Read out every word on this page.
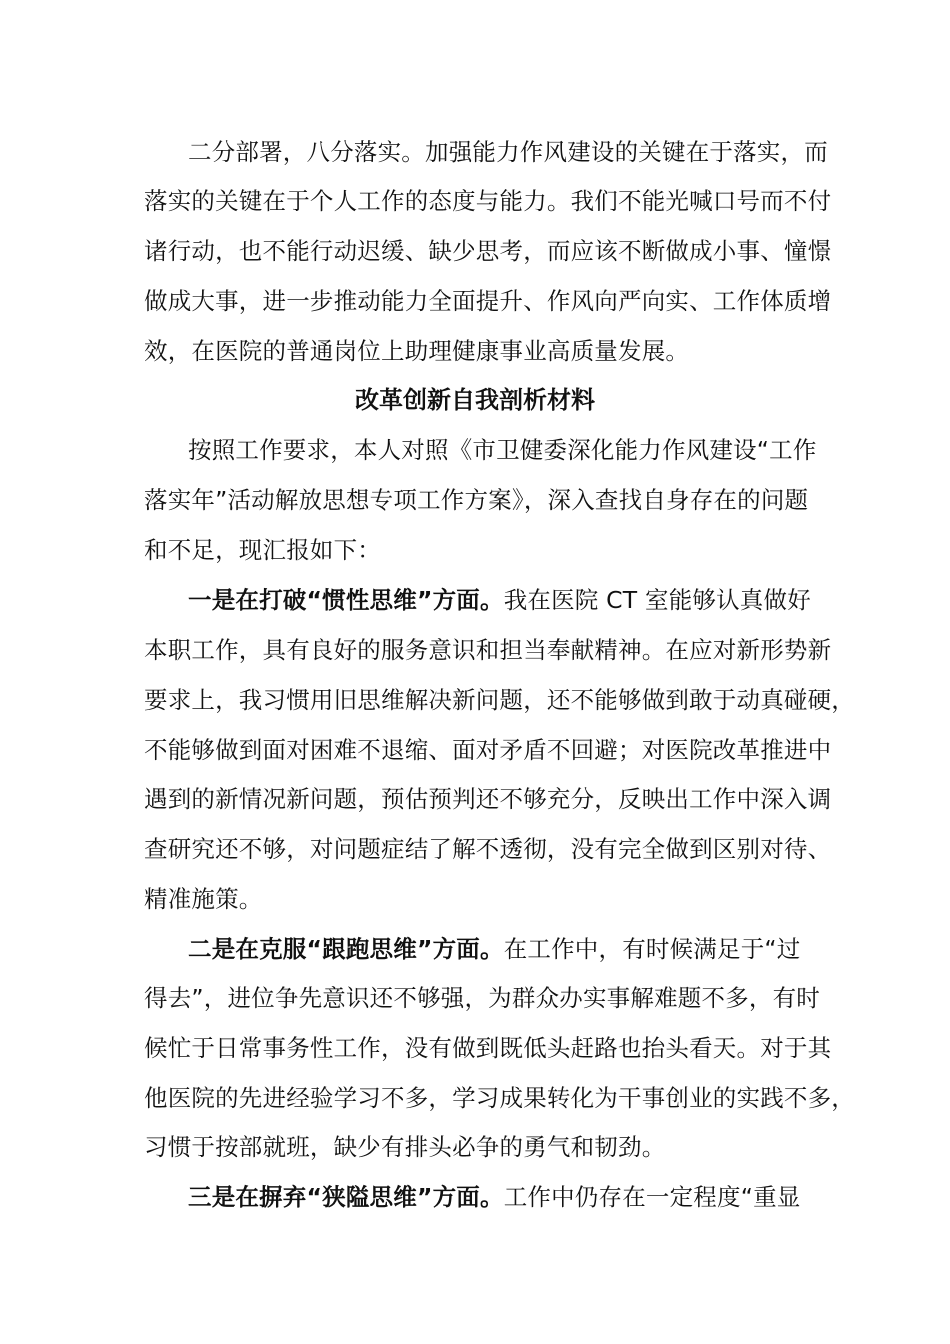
二分部署，八分落实。加强能力作风建设的关键在于落实，而
落实的关键在于个人工作的态度与能力。我们不能光喊口号而不付
诸行动，也不能行动迟缓、缺少思考，而应该不断做成小事、憧憬
做成大事，进一步推动能力全面提升、作风向严向实、工作体质增
效，在医院的普通岗位上助理健康事业高质量发展。
改革创新自我剖析材料
按照工作要求，本人对照《市卫健委深化能力作风建设“工作
落实年”活动解放思想专项工作方案》，深入查找自身存在的问题
和不足，现汇报如下：
一是在打破“惯性思维”方面。我在医院 CT 室能够认真做好
本职工作，具有良好的服务意识和担当奉献精神。在应对新形势新
要求上，我习惯用旧思维解决新问题，还不能够做到敢于动真碰硬，
不能够做到面对困难不退缩、面对矛盾不回避；对医院改革推进中
遇到的新情况新问题，预估预判还不够充分，反映出工作中深入调
查研究还不够，对问题症结了解不透彻，没有完全做到区别对待、
精准施策。
二是在克服“跟跑思维”方面。在工作中，有时候满足于“过
得去”，进位争先意识还不够强，为群众办实事解难题不多，有时
候忙于日常事务性工作，没有做到既低头赶路也抬头看天。对于其
他医院的先进经验学习不多，学习成果转化为干事创业的实践不多，
习惯于按部就班，缺少有排头必争的勇气和韧劲。
三是在摒弃“狭隘思维”方面。工作中仍存在一定程度“重显
